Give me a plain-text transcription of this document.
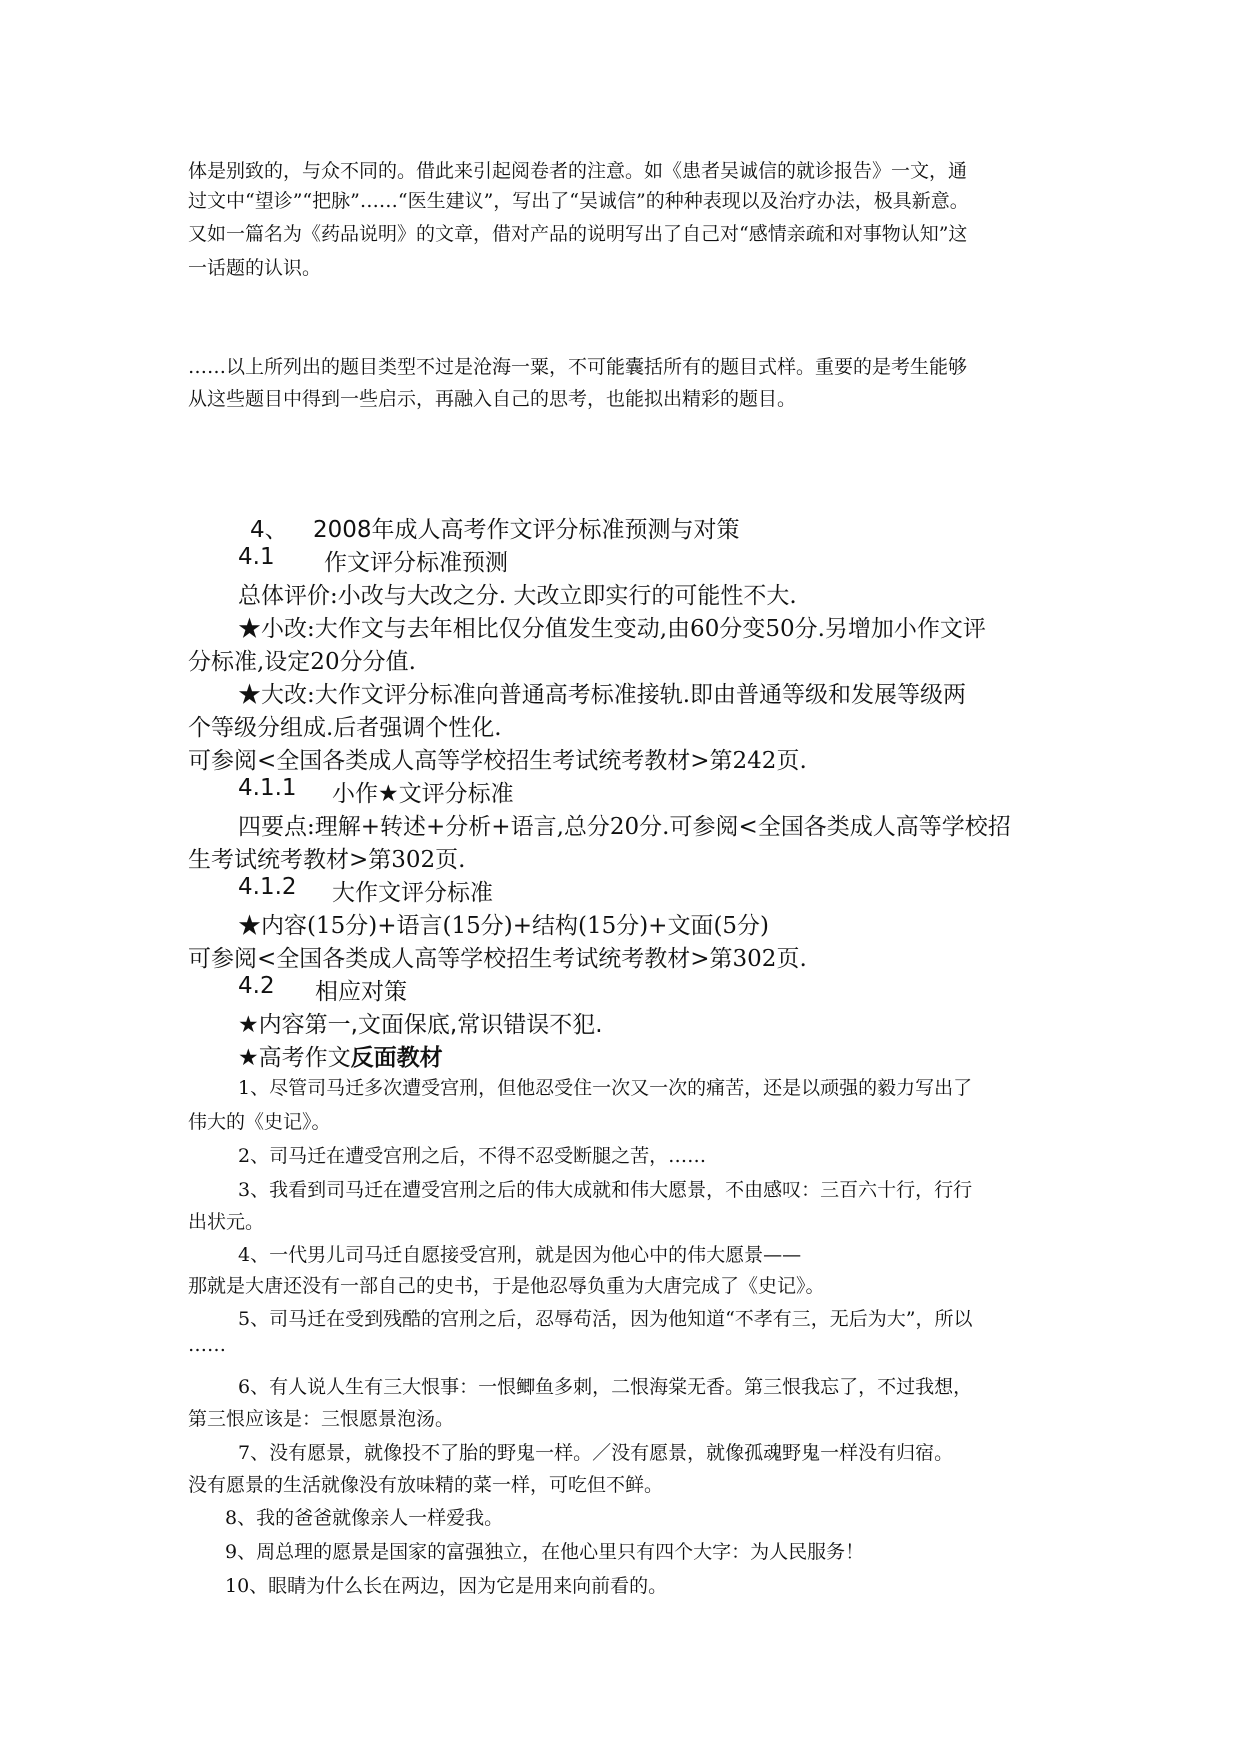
体是别致的，与众不同的。借此来引起阅卷者的注意。如《患者吴诚信的就诊报告》一文，通
过文中“望诊”“把脉”……“医生建议”，写出了“吴诚信”的种种表现以及治疗办法，极具新意。
又如一篇名为《药品说明》的文章，借对产品的说明写出了自己对“感情亲疏和对事物认知”这
一话题的认识。
……以上所列出的题目类型不过是沧海一粟，不可能囊括所有的题目式样。重要的是考生能够
从这些题目中得到一些启示，再融入自己的思考，也能拟出精彩的题目。
4、 2008年成人高考作文评分标准预测与对策
4.1 作文评分标准预测
总体评价:小改与大改之分. 大改立即实行的可能性不大.
★小改:大作文与去年相比仅分值发生变动,由60分变50分.另增加小作文评
分标准,设定20分分值.
★大改:大作文评分标准向普通高考标准接轨.即由普通等级和发展等级两
个等级分组成.后者强调个性化.
可参阅<全国各类成人高等学校招生考试统考教材>第242页.
4.1.1 小作★文评分标准
四要点:理解+转述+分析+语言,总分20分.可参阅<全国各类成人高等学校招
生考试统考教材>第302页.
4.1.2 大作文评分标准
★内容(15分)+语言(15分)+结构(15分)+文面(5分)
可参阅<全国各类成人高等学校招生考试统考教材>第302页.
4.2 相应对策
★内容第一,文面保底,常识错误不犯.
★高考作文反面教材
1、尽管司马迁多次遭受宫刑，但他忍受住一次又一次的痛苦，还是以顽强的毅力写出了
伟大的《史记》。
2、司马迁在遭受宫刑之后，不得不忍受断腿之苦，……
3、我看到司马迁在遭受宫刑之后的伟大成就和伟大愿景，不由感叹：三百六十行，行行
出状元。
4、一代男儿司马迁自愿接受宫刑，就是因为他心中的伟大愿景——
那就是大唐还没有一部自己的史书，于是他忍辱负重为大唐完成了《史记》。
5、司马迁在受到残酷的宫刑之后，忍辱苟活，因为他知道“不孝有三，无后为大”，所以
……
6、有人说人生有三大恨事：一恨鲫鱼多刺，二恨海棠无香。第三恨我忘了，不过我想，
第三恨应该是：三恨愿景泡汤。
7、没有愿景，就像投不了胎的野鬼一样。／没有愿景，就像孤魂野鬼一样没有归宿。
没有愿景的生活就像没有放味精的菜一样，可吃但不鲜。
8、我的爸爸就像亲人一样爱我。
9、周总理的愿景是国家的富强独立，在他心里只有四个大字：为人民服务！
10、眼睛为什么长在两边，因为它是用来向前看的。
